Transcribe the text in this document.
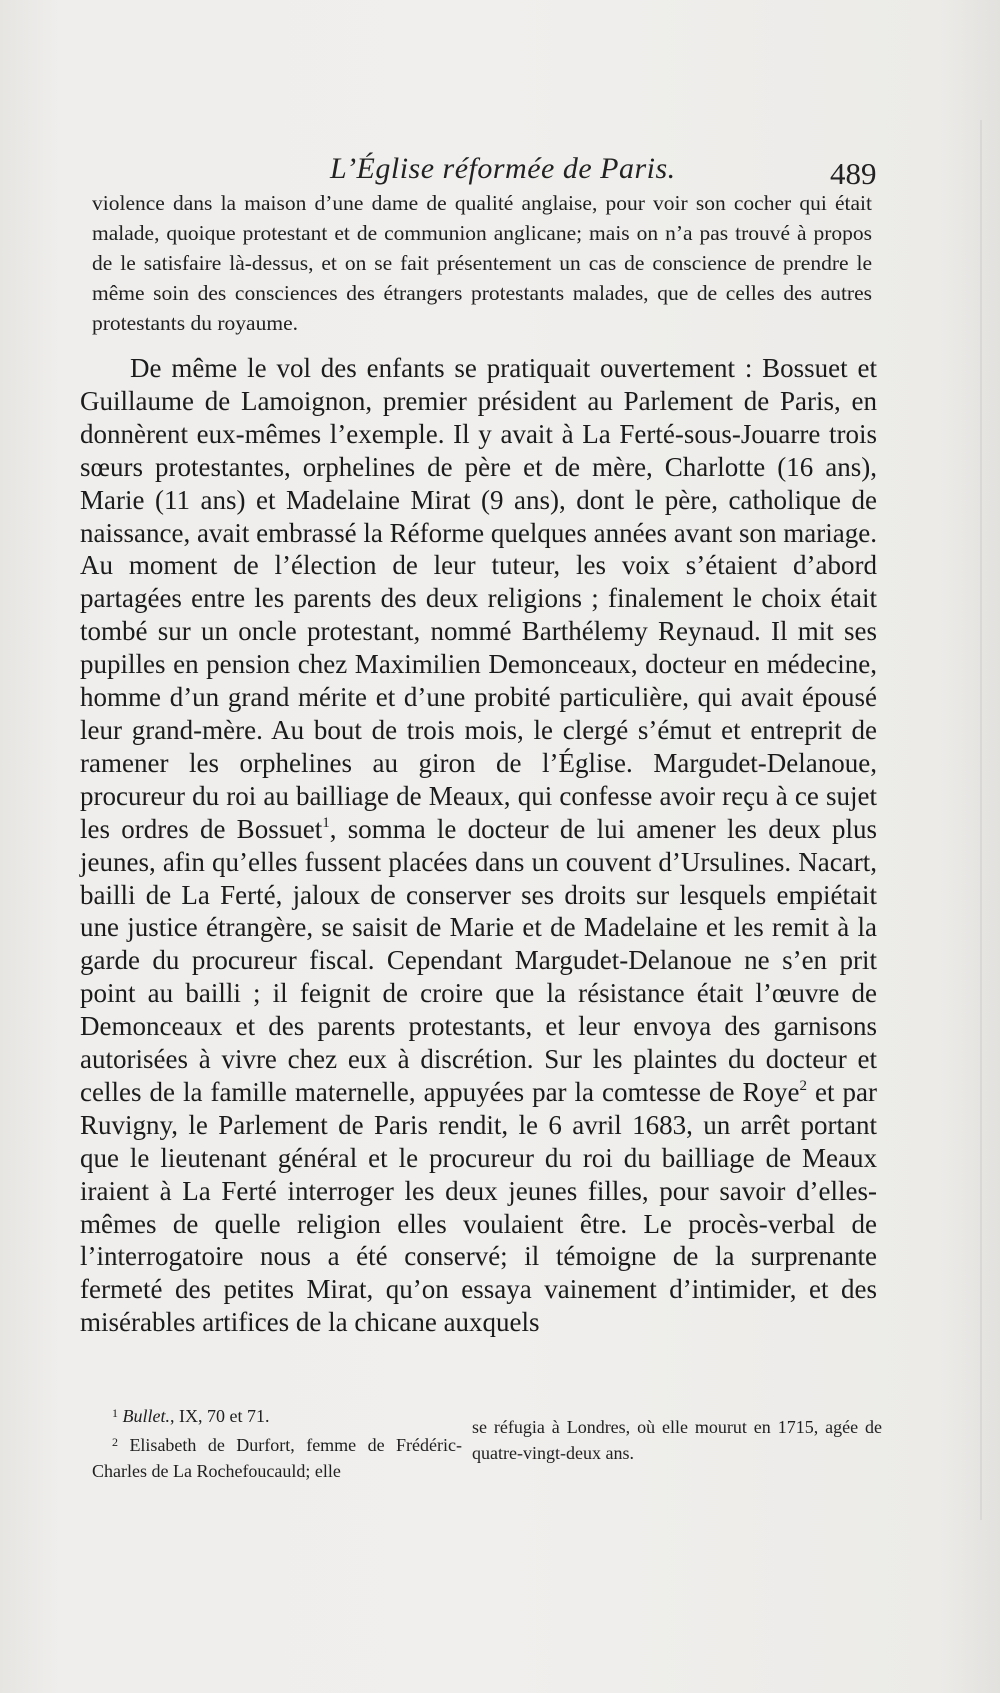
L’Église réformée de Paris.	489

violence dans la maison d’une dame de qualité anglaise, pour voir son cocher qui était malade, quoique protestant et de communion anglicane; mais on n’a pas trouvé à propos de le satisfaire là-dessus, et on se fait présentement un cas de conscience de prendre le même soin des consciences des étrangers protestants malades, que de celles des autres protestants du royaume.

De même le vol des enfants se pratiquait ouvertement : Bossuet et Guillaume de Lamoignon, premier président au Parlement de Paris, en donnèrent eux-mêmes l’exemple. Il y avait à La Ferté-sous-Jouarre trois sœurs protestantes, orphelines de père et de mère, Charlotte (16 ans), Marie (11 ans) et Madelaine Mirat (9 ans), dont le père, catholique de naissance, avait embrassé la Réforme quelques années avant son mariage. Au moment de l’élection de leur tuteur, les voix s’étaient d’abord partagées entre les parents des deux religions ; finalement le choix était tombé sur un oncle protestant, nommé Barthélemy Reynaud. Il mit ses pupilles en pension chez Maximilien Demonceaux, docteur en médecine, homme d’un grand mérite et d’une probité particulière, qui avait épousé leur grand-mère. Au bout de trois mois, le clergé s’émut et entreprit de ramener les orphelines au giron de l’Église. Margudet-Delanoue, procureur du roi au bailliage de Meaux, qui confesse avoir reçu à ce sujet les ordres de Bossuet$^1$, somma le docteur de lui amener les deux plus jeunes, afin qu’elles fussent placées dans un couvent d’Ursulines. Nacart, bailli de La Ferté, jaloux de conserver ses droits sur lesquels empiétait une justice étrangère, se saisit de Marie et de Madelaine et les remit à la garde du procureur fiscal. Cependant Margudet-Delanoue ne s’en prit point au bailli ; il feignit de croire que la résistance était l’œuvre de Demonceaux et des parents protestants, et leur envoya des garnisons autorisées à vivre chez eux à discrétion. Sur les plaintes du docteur et celles de la famille maternelle, appuyées par la comtesse de Roye$^2$ et par Ruvigny, le Parlement de Paris rendit, le 6 avril 1683, un arrêt portant que le lieutenant général et le procureur du roi du bailliage de Meaux iraient à La Ferté interroger les deux jeunes filles, pour savoir d’elles-mêmes de quelle religion elles voulaient être. Le procès-verbal de l’interrogatoire nous a été conservé; il témoigne de la surprenante fermeté des petites Mirat, qu’on essaya vainement d’intimider, et des misérables artifices de la chicane auxquels

$^1$ Bullet., IX, 70 et 71.

$^2$ Elisabeth de Durfort, femme de Frédéric-Charles de La Rochefoucauld; elle

se réfugia à Londres, où elle mourut en 1715, agée de quatre-vingt-deux ans.
